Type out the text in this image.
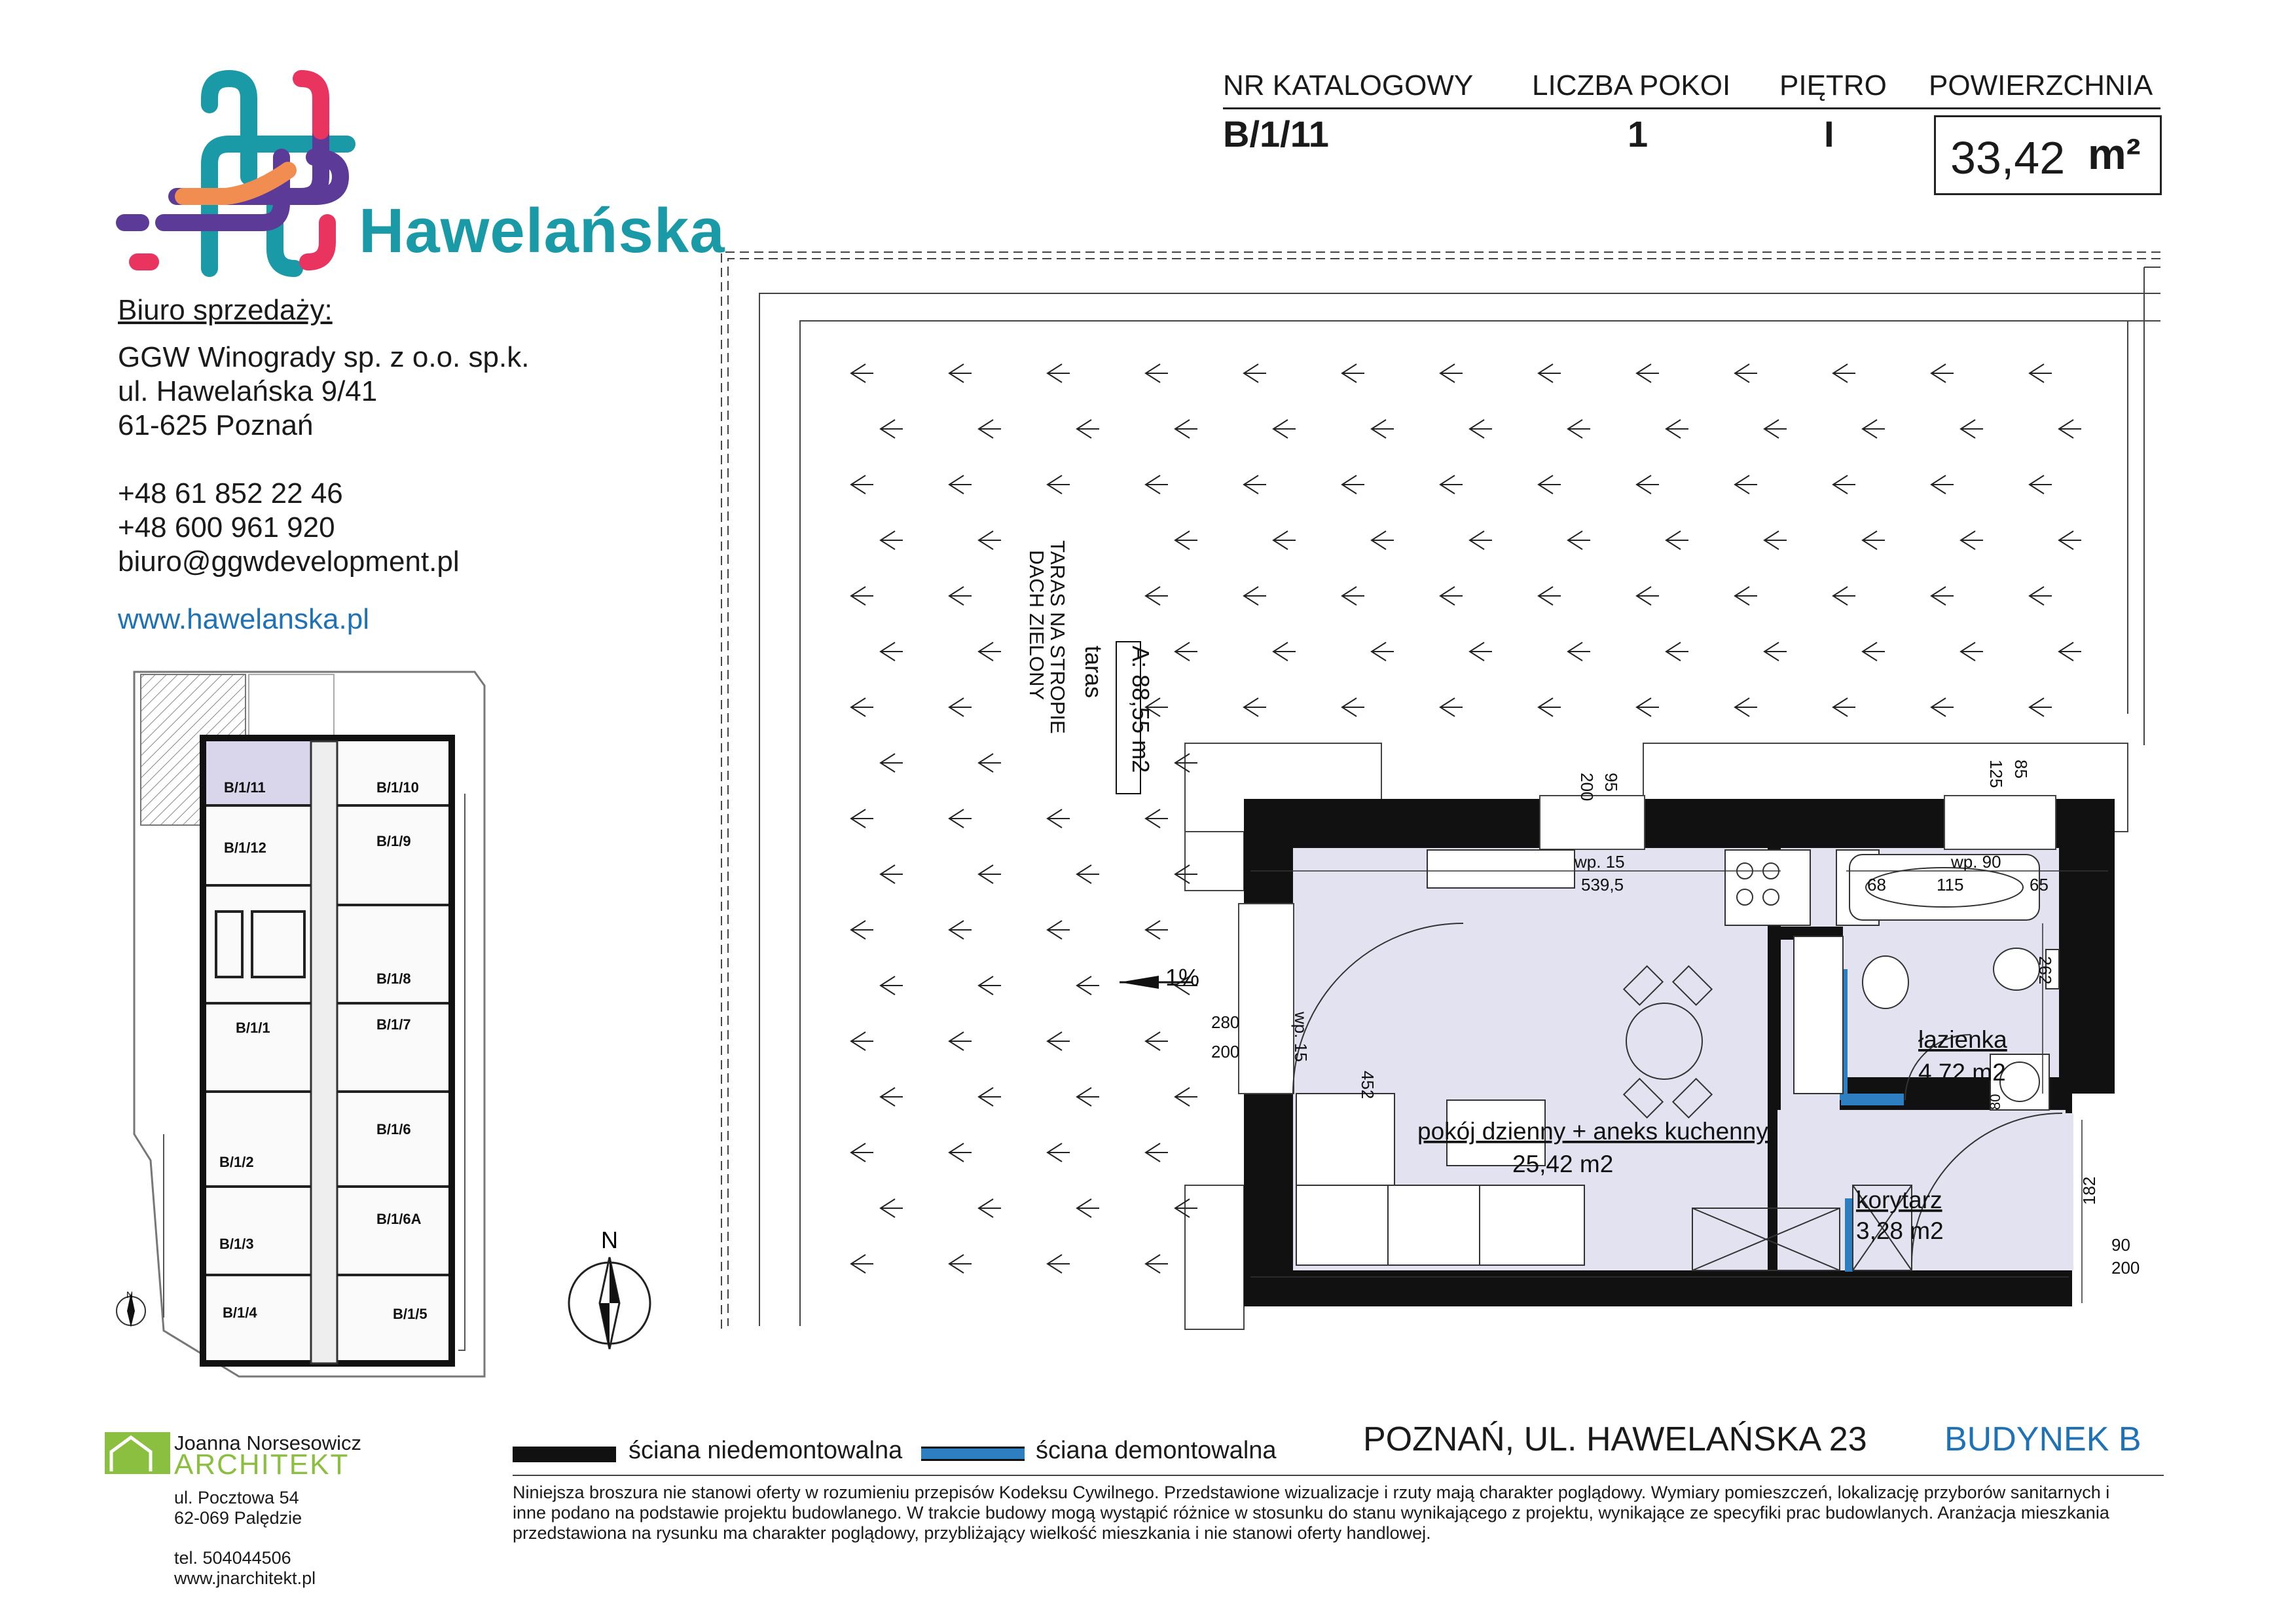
Hawelańska
Biuro sprzedaży:
GGW Winogrady sp. z o.o. sp.k.
ul. Hawelańska 9/41
61-625 Poznań
+48 61 852 22 46
+48 600 961 920
biuro@ggwdevelopment.pl
www.hawelanska.pl
NR KATALOGOWY LICZBA POKOI PIĘTRO POWIERZCHNIA
B/1/11	1	I	33,42 m²
N
B/1/11
B/1/12
B/1/1
B/1/2
B/1/3
B/1/4
B/1/10
B/1/9
B/1/8
B/1/7
B/1/6
B/1/6A
B/1/5
N
TARAS NA STROPIE
DACH ZIELONY taras A: 88,55 m2
1%
pokój dzienny + aneks kuchenny
25,42 m2
łazienka
4,72 m2
korytarz
3,28 m2
200 95	125 85
wp. 15	wp. 90
539,5	68	115	65
262
280
200	wp. 15
452
8
200 80
182
90
200
534,5	8	180
ściana niedemontowalna	ściana demontowalna	POZNAŃ, UL. HAWELAŃSKA 23 BUDYNEK B
Joanna Norsesowicz
ARCHITEKT
ul. Pocztowa 54
62-069 Palędzie
tel. 504044506
www.jnarchitekt.pl
Niniejsza broszura nie stanowi oferty w rozumieniu przepisów Kodeksu Cywilnego. Przedstawione wizualizacje i rzuty mają charakter poglądowy. Wymiary pomieszczeń, lokalizację przyborów sanitarnych i
inne podano na podstawie projektu budowlanego. W trakcie budowy mogą wystąpić różnice w stosunku do stanu wynikającego z projektu, wynikające ze specyfiki prac budowlanych. Aranżacja mieszkania
przedstawiona na rysunku ma charakter poglądowy, przybliżający wielkość mieszkania i nie stanowi oferty handlowej.
